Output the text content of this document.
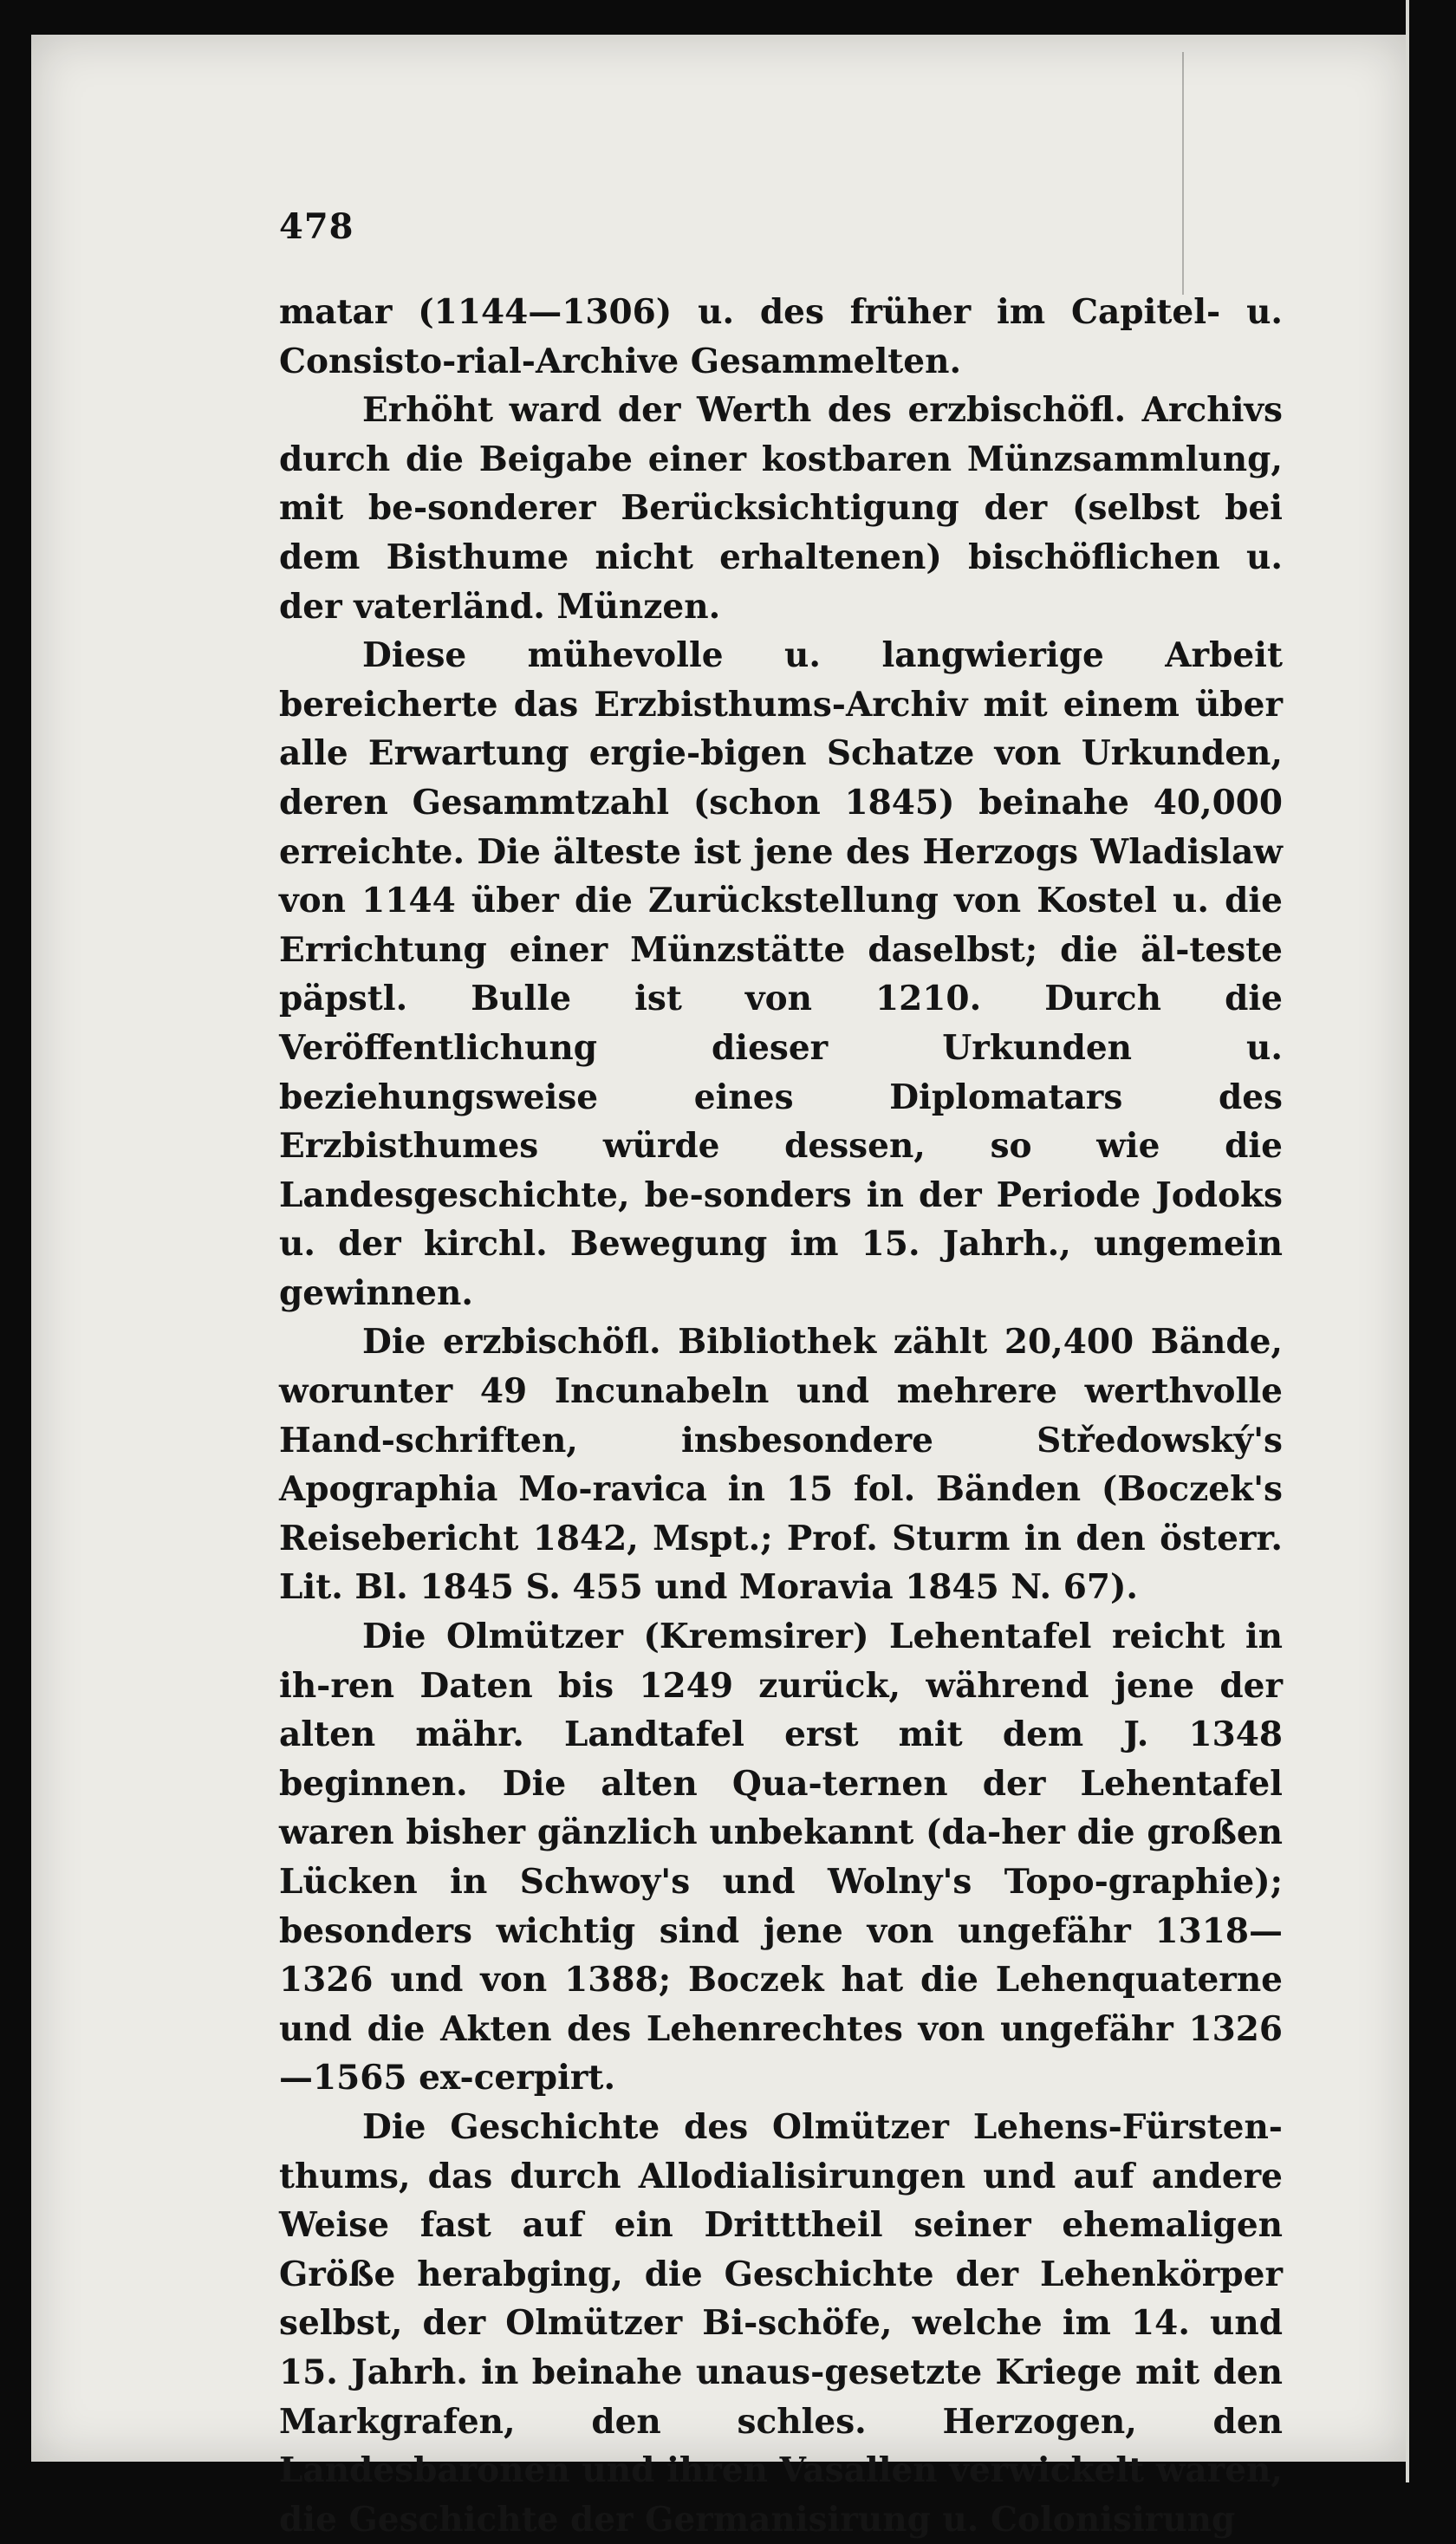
478

matar (1144—1306) u. des früher im Capitel- u. Consisto-rial-Archive Gesammelten.

Erhöht ward der Werth des erzbischöfl. Archivs durch die Beigabe einer kostbaren Münzsammlung, mit be-sonderer Berücksichtigung der (selbst bei dem Bisthume nicht erhaltenen) bischöflichen u. der vaterländ. Münzen.

Diese mühevolle u. langwierige Arbeit bereicherte das Erzbisthums-Archiv mit einem über alle Erwartung ergie-bigen Schatze von Urkunden, deren Gesammtzahl (schon 1845) beinahe 40,000 erreichte. Die älteste ist jene des Herzogs Wladislaw von 1144 über die Zurückstellung von Kostel u. die Errichtung einer Münzstätte daselbst; die äl-teste päpstl. Bulle ist von 1210. Durch die Veröffentlichung dieser Urkunden u. beziehungsweise eines Diplomatars des Erzbisthumes würde dessen, so wie die Landesgeschichte, be-sonders in der Periode Jodoks u. der kirchl. Bewegung im 15. Jahrh., ungemein gewinnen.

Die erzbischöfl. Bibliothek zählt 20,400 Bände, worunter 49 Incunabeln und mehrere werthvolle Hand-schriften, insbesondere Středowský's Apographia Mo-ravica in 15 fol. Bänden (Boczek's Reisebericht 1842, Mspt.; Prof. Sturm in den österr. Lit. Bl. 1845 S. 455 und Moravia 1845 N. 67).

Die Olmützer (Kremsirer) Lehentafel reicht in ih-ren Daten bis 1249 zurück, während jene der alten mähr. Landtafel erst mit dem J. 1348 beginnen. Die alten Qua-ternen der Lehentafel waren bisher gänzlich unbekannt (da-her die großen Lücken in Schwoy's und Wolny's Topo-graphie); besonders wichtig sind jene von ungefähr 1318—1326 und von 1388; Boczek hat die Lehenquaterne und die Akten des Lehenrechtes von ungefähr 1326—1565 ex-cerpirt.

Die Geschichte des Olmützer Lehens-Fürsten-thums, das durch Allodialisirungen und auf andere Weise fast auf ein Dritttheil seiner ehemaligen Größe herabging, die Geschichte der Lehenkörper selbst, der Olmützer Bi-schöfe, welche im 14. und 15. Jahrh. in beinahe unaus-gesetzte Kriege mit den Markgrafen, den schles. Herzogen, den Landesbaronen und ihren Vasallen verwickelt waren, die Geschichte der Germanisirung u. Colonisirung
